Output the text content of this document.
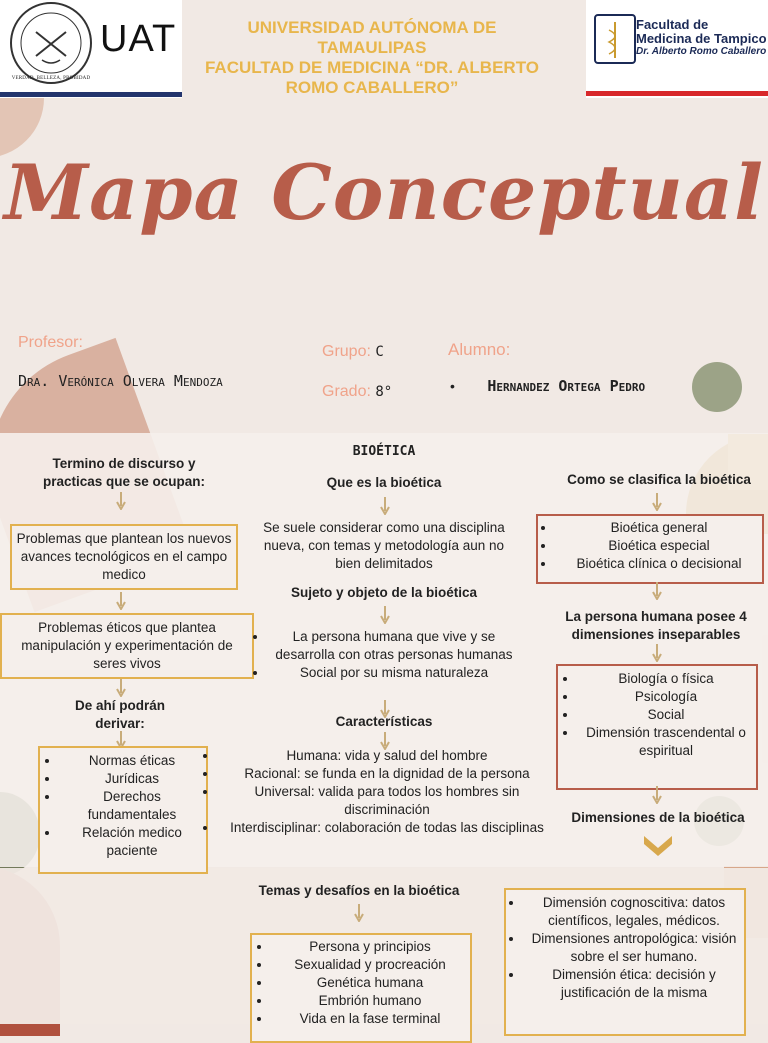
VERDAD, BELLEZA, PROBIDAD
UAT	Facultad de
Medicina de Tampico
Dr. Alberto Romo Caballero
UNIVERSIDAD AUTÓNOMA DE TAMAULIPAS
FACULTAD DE MEDICINA “DR. ALBERTO ROMO CABALLERO”
Mapa Conceptual
Profesor:
Dra. Verónica Olvera Mendoza
Grupo: C
Grado: 8°
Alumno:
• Hernandez Ortega Pedro
BIOÉTICA
Termino de discurso y practicas que se ocupan:
Problemas que plantean los nuevos avances tecnológicos en el campo medico
Problemas éticos que plantea manipulación y experimentación de seres vivos
De ahí podrán derivar:
• Normas éticas
• Jurídicas
• Derechos fundamentales
• Relación medico paciente
Que es la bioética
Se suele considerar como una disciplina nueva, con temas y metodología aun no bien delimitados
Sujeto y objeto de la bioética
• La persona humana que vive y se desarrolla con otras personas humanas
• Social por su misma naturaleza
Características
• Humana: vida y salud del hombre
• Racional: se funda en la dignidad de la persona
• Universal: valida para todos los hombres sin discriminación
• Interdisciplinar: colaboración de todas las disciplinas
Como se clasifica la bioética
• Bioética general
• Bioética especial
• Bioética clínica o decisional
La persona humana posee 4 dimensiones inseparables
• Biología o física
• Psicología
• Social
• Dimensión trascendental o espiritual
Dimensiones de la bioética
Temas y desafíos en la bioética
• Persona y principios
• Sexualidad y procreación
• Genética humana
• Embrión humano
• Vida en la fase terminal
• Dimensión cognoscitiva: datos científicos, legales, médicos.
• Dimensiones antropológica: visión sobre el ser humano.
• Dimensión ética: decisión y justificación de la misma
